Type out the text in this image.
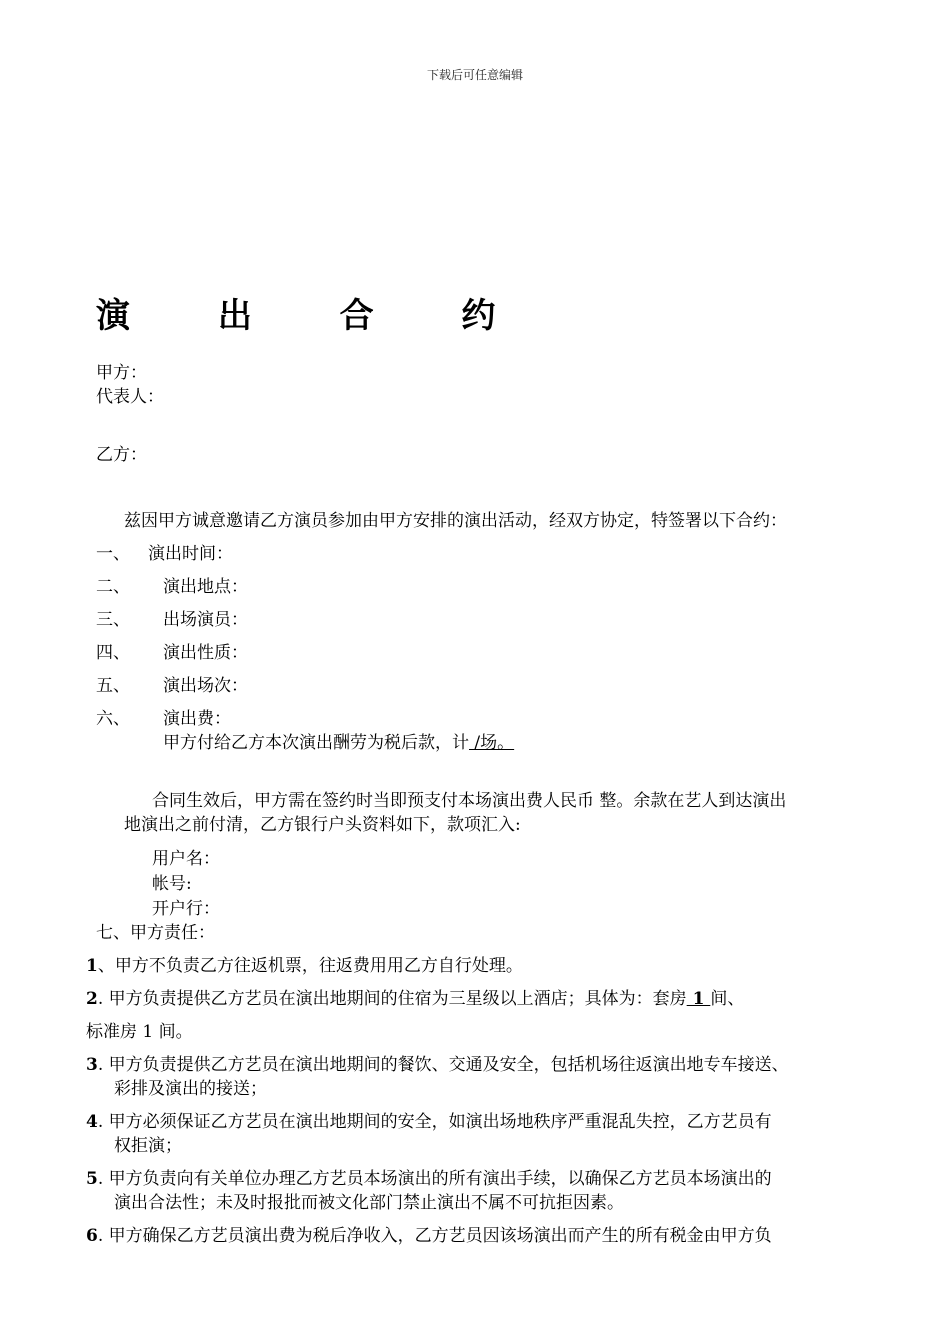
下载后可任意编辑
演 出 合 约
甲方：
代表人：
乙方：
兹因甲方诚意邀请乙方演员参加由甲方安排的演出活动，经双方协定，特签署以下合约：
一、 演出时间：
二、 演出地点：
三、 出场演员：
四、 演出性质：
五、 演出场次：
六、 演出费：
甲方付给乙方本次演出酬劳为税后款，计 /场。
合同生效后，甲方需在签约时当即预支付本场演出费人民币 整。余款在艺人到达演出
地演出之前付清，乙方银行户头资料如下，款项汇入:
用户名：
帐号:
开户行：
七、甲方责任：
1、甲方不负责乙方往返机票，往返费用用乙方自行处理。
2. 甲方负责提供乙方艺员在演出地期间的住宿为三星级以上酒店；具体为：套房 1 间、
标准房 1 间。
3. 甲方负责提供乙方艺员在演出地期间的餐饮、交通及安全，包括机场往返演出地专车接送、
彩排及演出的接送；
4. 甲方必须保证乙方艺员在演出地期间的安全，如演出场地秩序严重混乱失控，乙方艺员有
权拒演；
5. 甲方负责向有关单位办理乙方艺员本场演出的所有演出手续，以确保乙方艺员本场演出的
演出合法性；未及时报批而被文化部门禁止演出不属不可抗拒因素。
6. 甲方确保乙方艺员演出费为税后净收入，乙方艺员因该场演出而产生的所有税金由甲方负
